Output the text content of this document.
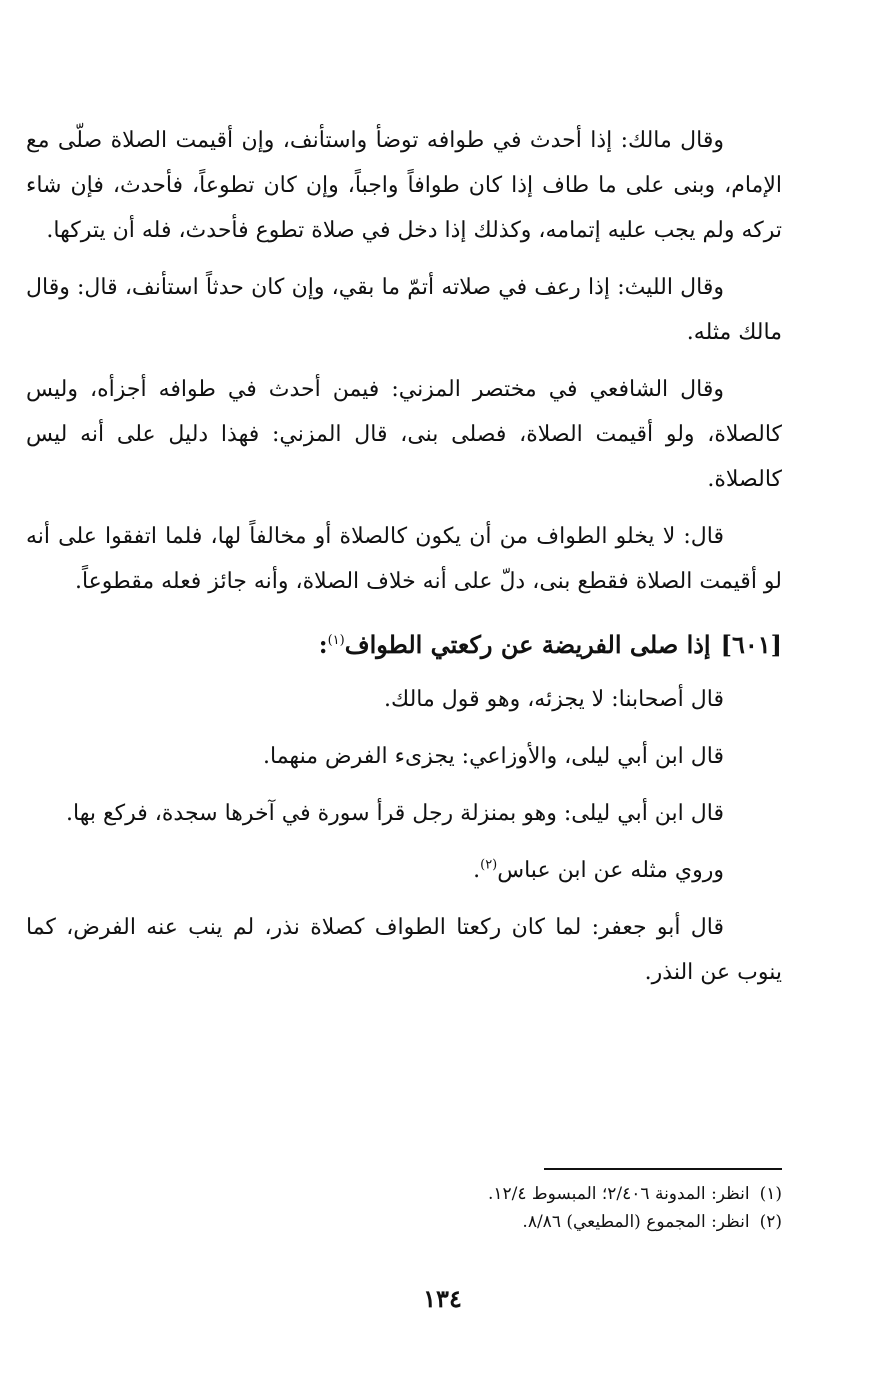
وقال مالك: إذا أحدث في طوافه توضأ واستأنف، وإن أقيمت الصلاة صلّى مع الإمام، وبنى على ما طاف إذا كان طوافاً واجباً، وإن كان تطوعاً، فأحدث، فإن شاء تركه ولم يجب عليه إتمامه، وكذلك إذا دخل في صلاة تطوع فأحدث، فله أن يتركها.

وقال الليث: إذا رعف في صلاته أتمّ ما بقي، وإن كان حدثاً استأنف، قال: وقال مالك مثله.

وقال الشافعي في مختصر المزني: فيمن أحدث في طوافه أجزأه، وليس كالصلاة، ولو أقيمت الصلاة، فصلى بنى، قال المزني: فهذا دليل على أنه ليس كالصلاة.

قال: لا يخلو الطواف من أن يكون كالصلاة أو مخالفاً لها، فلما اتفقوا على أنه لو أقيمت الصلاة فقطع بنى، دلّ على أنه خلاف الصلاة، وأنه جائز فعله مقطوعاً.

[٦٠١]إذا صلى الفريضة عن ركعتي الطواف$^{(١)}$:

قال أصحابنا: لا يجزئه، وهو قول مالك.

قال ابن أبي ليلى، والأوزاعي: يجزىء الفرض منهما.

قال ابن أبي ليلى: وهو بمنزلة رجل قرأ سورة في آخرها سجدة، فركع بها.

وروي مثله عن ابن عباس$^{(٢)}$.

قال أبو جعفر: لما كان ركعتا الطواف كصلاة نذر، لم ينب عنه الفرض، كما ينوب عن النذر.

(١)انظر: المدونة ٢/٤٠٦؛ المبسوط ١٢/٤.
(٢)انظر: المجموع (المطيعي) ٨/٨٦.
١٣٤
